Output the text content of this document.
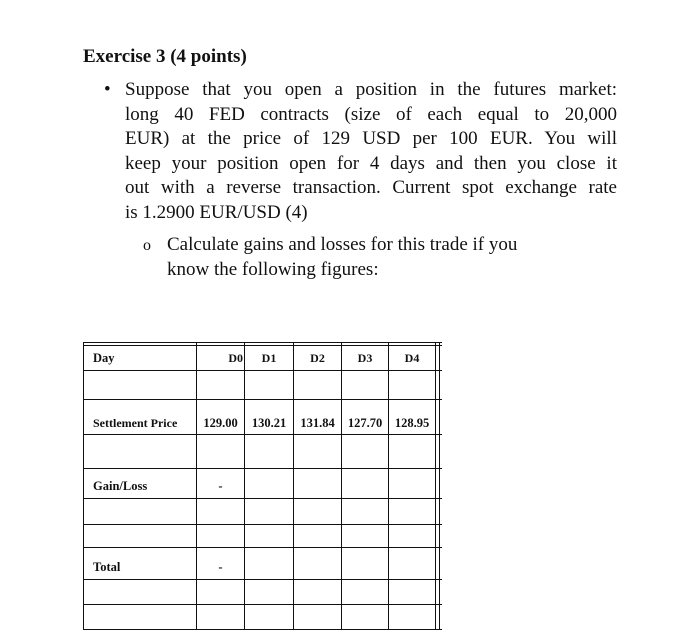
Exercise 3 (4 points)
• Suppose that you open a position in the futures market:
long 40 FED contracts (size of each equal to 20,000
EUR) at the price of 129 USD per 100 EUR. You will
keep your position open for 4 days and then you close it
out with a reverse transaction. Current spot exchange rate
is 1.2900 EUR/USD (4)
o Calculate gains and losses for this trade if you
know the following figures:
Day	D0	D1	D2	D3	D4
Settlement Price	129.00	130.21	131.84	127.70	128.95
Gain/Loss	-
Total	-
